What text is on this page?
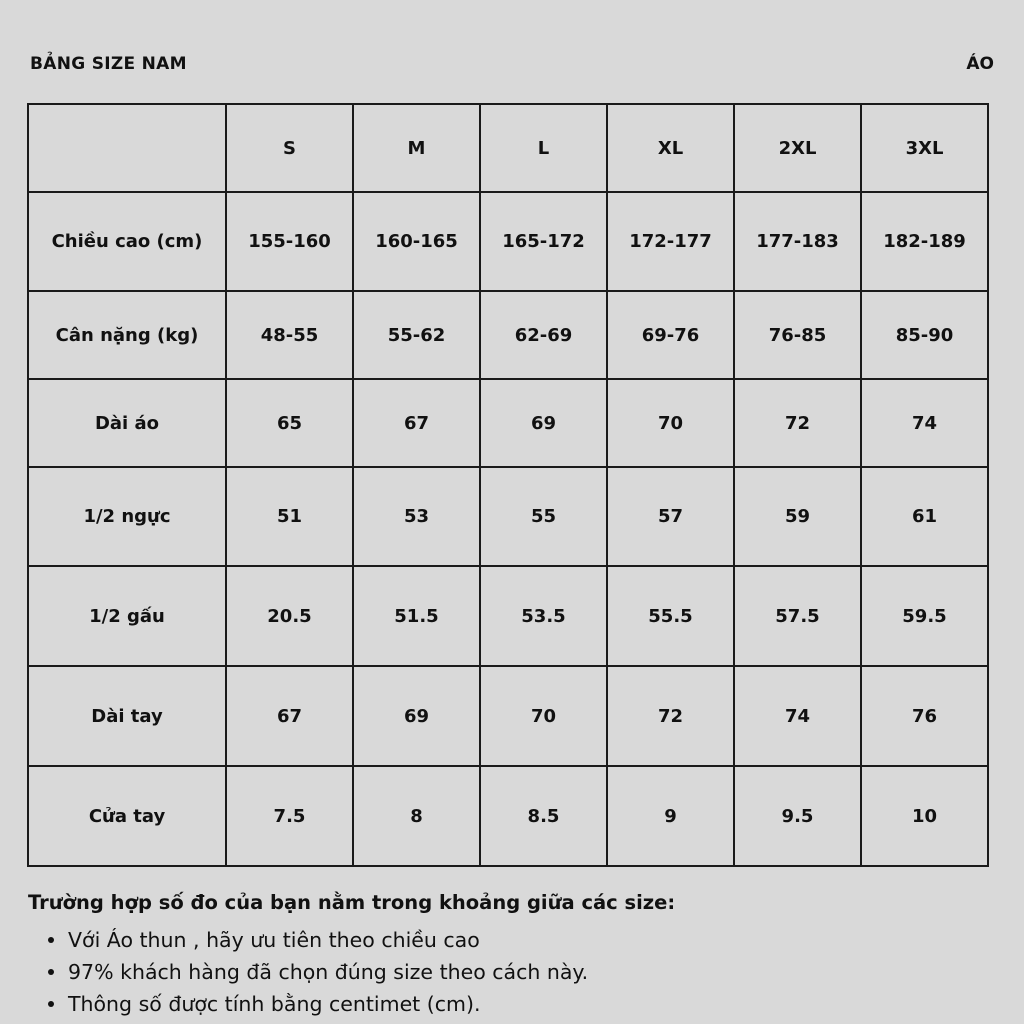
BẢNG SIZE NAM	ÁO
	S	M	L	XL	2XL	3XL
Chiều cao (cm)	155-160	160-165	165-172	172-177	177-183	182-189
Cân nặng (kg)	48-55	55-62	62-69	69-76	76-85	85-90
Dài áo	65	67	69	70	72	74
1/2 ngực	51	53	55	57	59	61
1/2 gấu	20.5	51.5	53.5	55.5	57.5	59.5
Dài tay	67	69	70	72	74	76
Cửa tay	7.5	8	8.5	9	9.5	10

Trường hợp số đo của bạn nằm trong khoảng giữa các size:

Với Áo thun , hãy ưu tiên theo chiều cao
97% khách hàng đã chọn đúng size theo cách này.
Thông số được tính bằng centimet (cm).
